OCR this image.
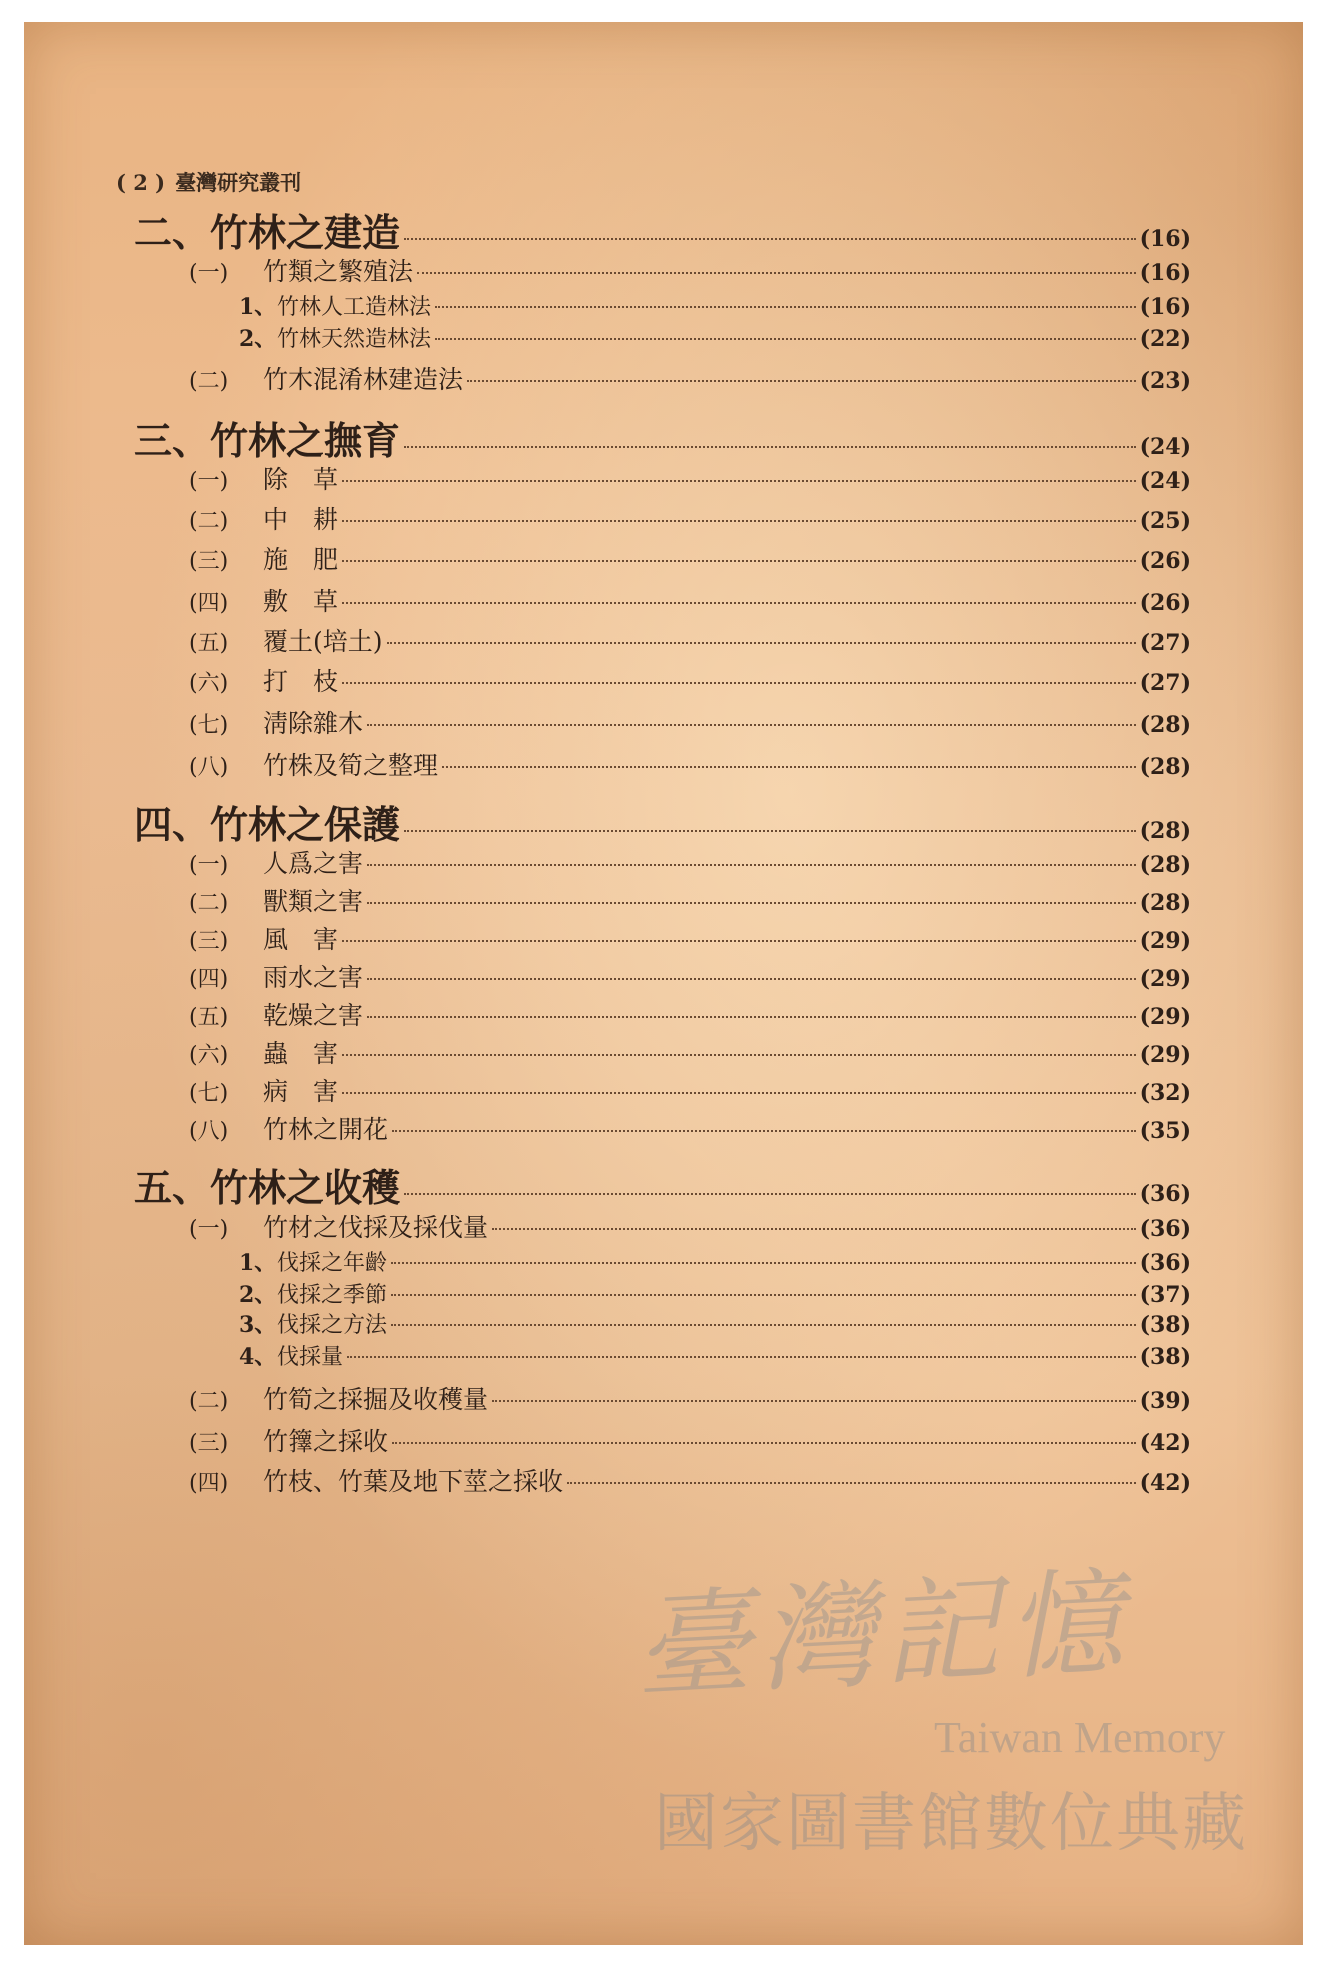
( 2 ) 臺灣研究叢刊
二、 竹林之建造	(16)
(一)	竹類之繁殖法	(16)
1、 竹林人工造林法	(16)
2、 竹林天然造林法	(22)
(二)	竹木混淆林建造法	(23)
三、 竹林之撫育	(24)
(一)	除　草	(24)
(二)	中　耕	(25)
(三)	施　肥	(26)
(四)	敷　草	(26)
(五)	覆土(培土)	(27)
(六)	打　枝	(27)
(七)	淸除雜木	(28)
(八)	竹株及筍之整理	(28)
四、 竹林之保護	(28)
(一)	人爲之害	(28)
(二)	獸類之害	(28)
(三)	風　害	(29)
(四)	雨水之害	(29)
(五)	乾燥之害	(29)
(六)	蟲　害	(29)
(七)	病　害	(32)
(八)	竹林之開花	(35)
五、 竹林之收穫	(36)
(一)	竹材之伐採及採伐量	(36)
1、 伐採之年齡	(36)
2、 伐採之季節	(37)
3、 伐採之方法	(38)
4、 伐採量	(38)
(二)	竹筍之採掘及收穫量	(39)
(三)	竹籜之採收	(42)
(四)	竹枝、竹葉及地下莖之採收	(42)
臺灣記憶
Taiwan Memory
國家圖書館數位典藏
